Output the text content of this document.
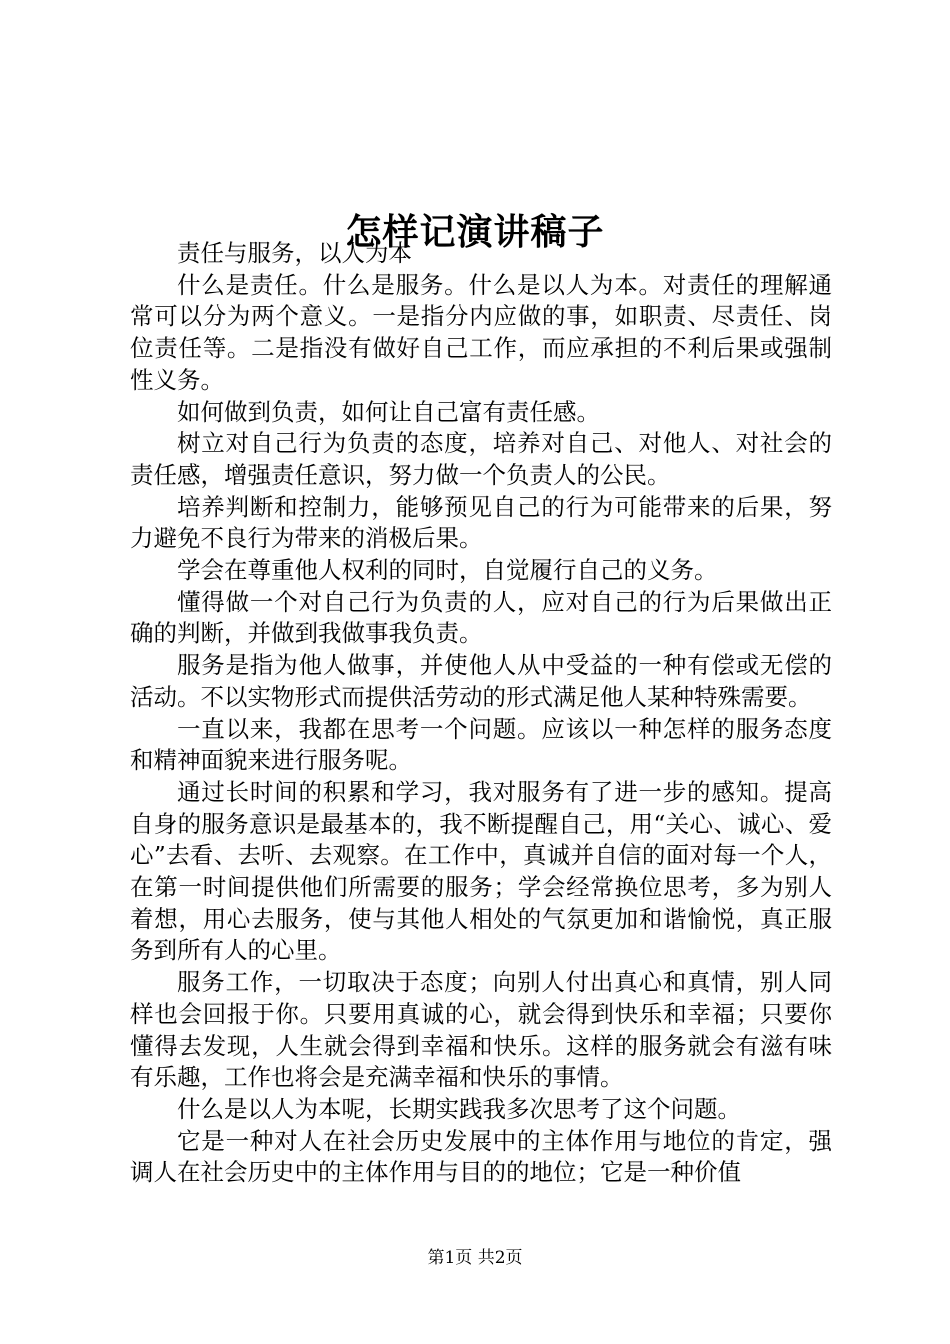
怎样记演讲稿子

责任与服务，以人为本

什么是责任。什么是服务。什么是以人为本。对责任的理解通常可以分为两个意义。一是指分内应做的事，如职责、尽责任、岗位责任等。二是指没有做好自己工作，而应承担的不利后果或强制性义务。

如何做到负责，如何让自己富有责任感。

树立对自己行为负责的态度，培养对自己、对他人、对社会的责任感，增强责任意识，努力做一个负责人的公民。

培养判断和控制力，能够预见自己的行为可能带来的后果，努力避免不良行为带来的消极后果。

学会在尊重他人权利的同时，自觉履行自己的义务。

懂得做一个对自己行为负责的人，应对自己的行为后果做出正确的判断，并做到我做事我负责。

服务是指为他人做事，并使他人从中受益的一种有偿或无偿的活动。不以实物形式而提供活劳动的形式满足他人某种特殊需要。

一直以来，我都在思考一个问题。应该以一种怎样的服务态度和精神面貌来进行服务呢。

通过长时间的积累和学习，我对服务有了进一步的感知。提高自身的服务意识是最基本的，我不断提醒自己，用“关心、诚心、爱心”去看、去听、去观察。在工作中，真诚并自信的面对每一个人，在第一时间提供他们所需要的服务；学会经常换位思考，多为别人着想，用心去服务，使与其他人相处的气氛更加和谐愉悦，真正服务到所有人的心里。

服务工作，一切取决于态度；向别人付出真心和真情，别人同样也会回报于你。只要用真诚的心，就会得到快乐和幸福；只要你懂得去发现，人生就会得到幸福和快乐。这样的服务就会有滋有味有乐趣，工作也将会是充满幸福和快乐的事情。

什么是以人为本呢，长期实践我多次思考了这个问题。

它是一种对人在社会历史发展中的主体作用与地位的肯定，强调人在社会历史中的主体作用与目的的地位；它是一种价值

第1页 共2页
